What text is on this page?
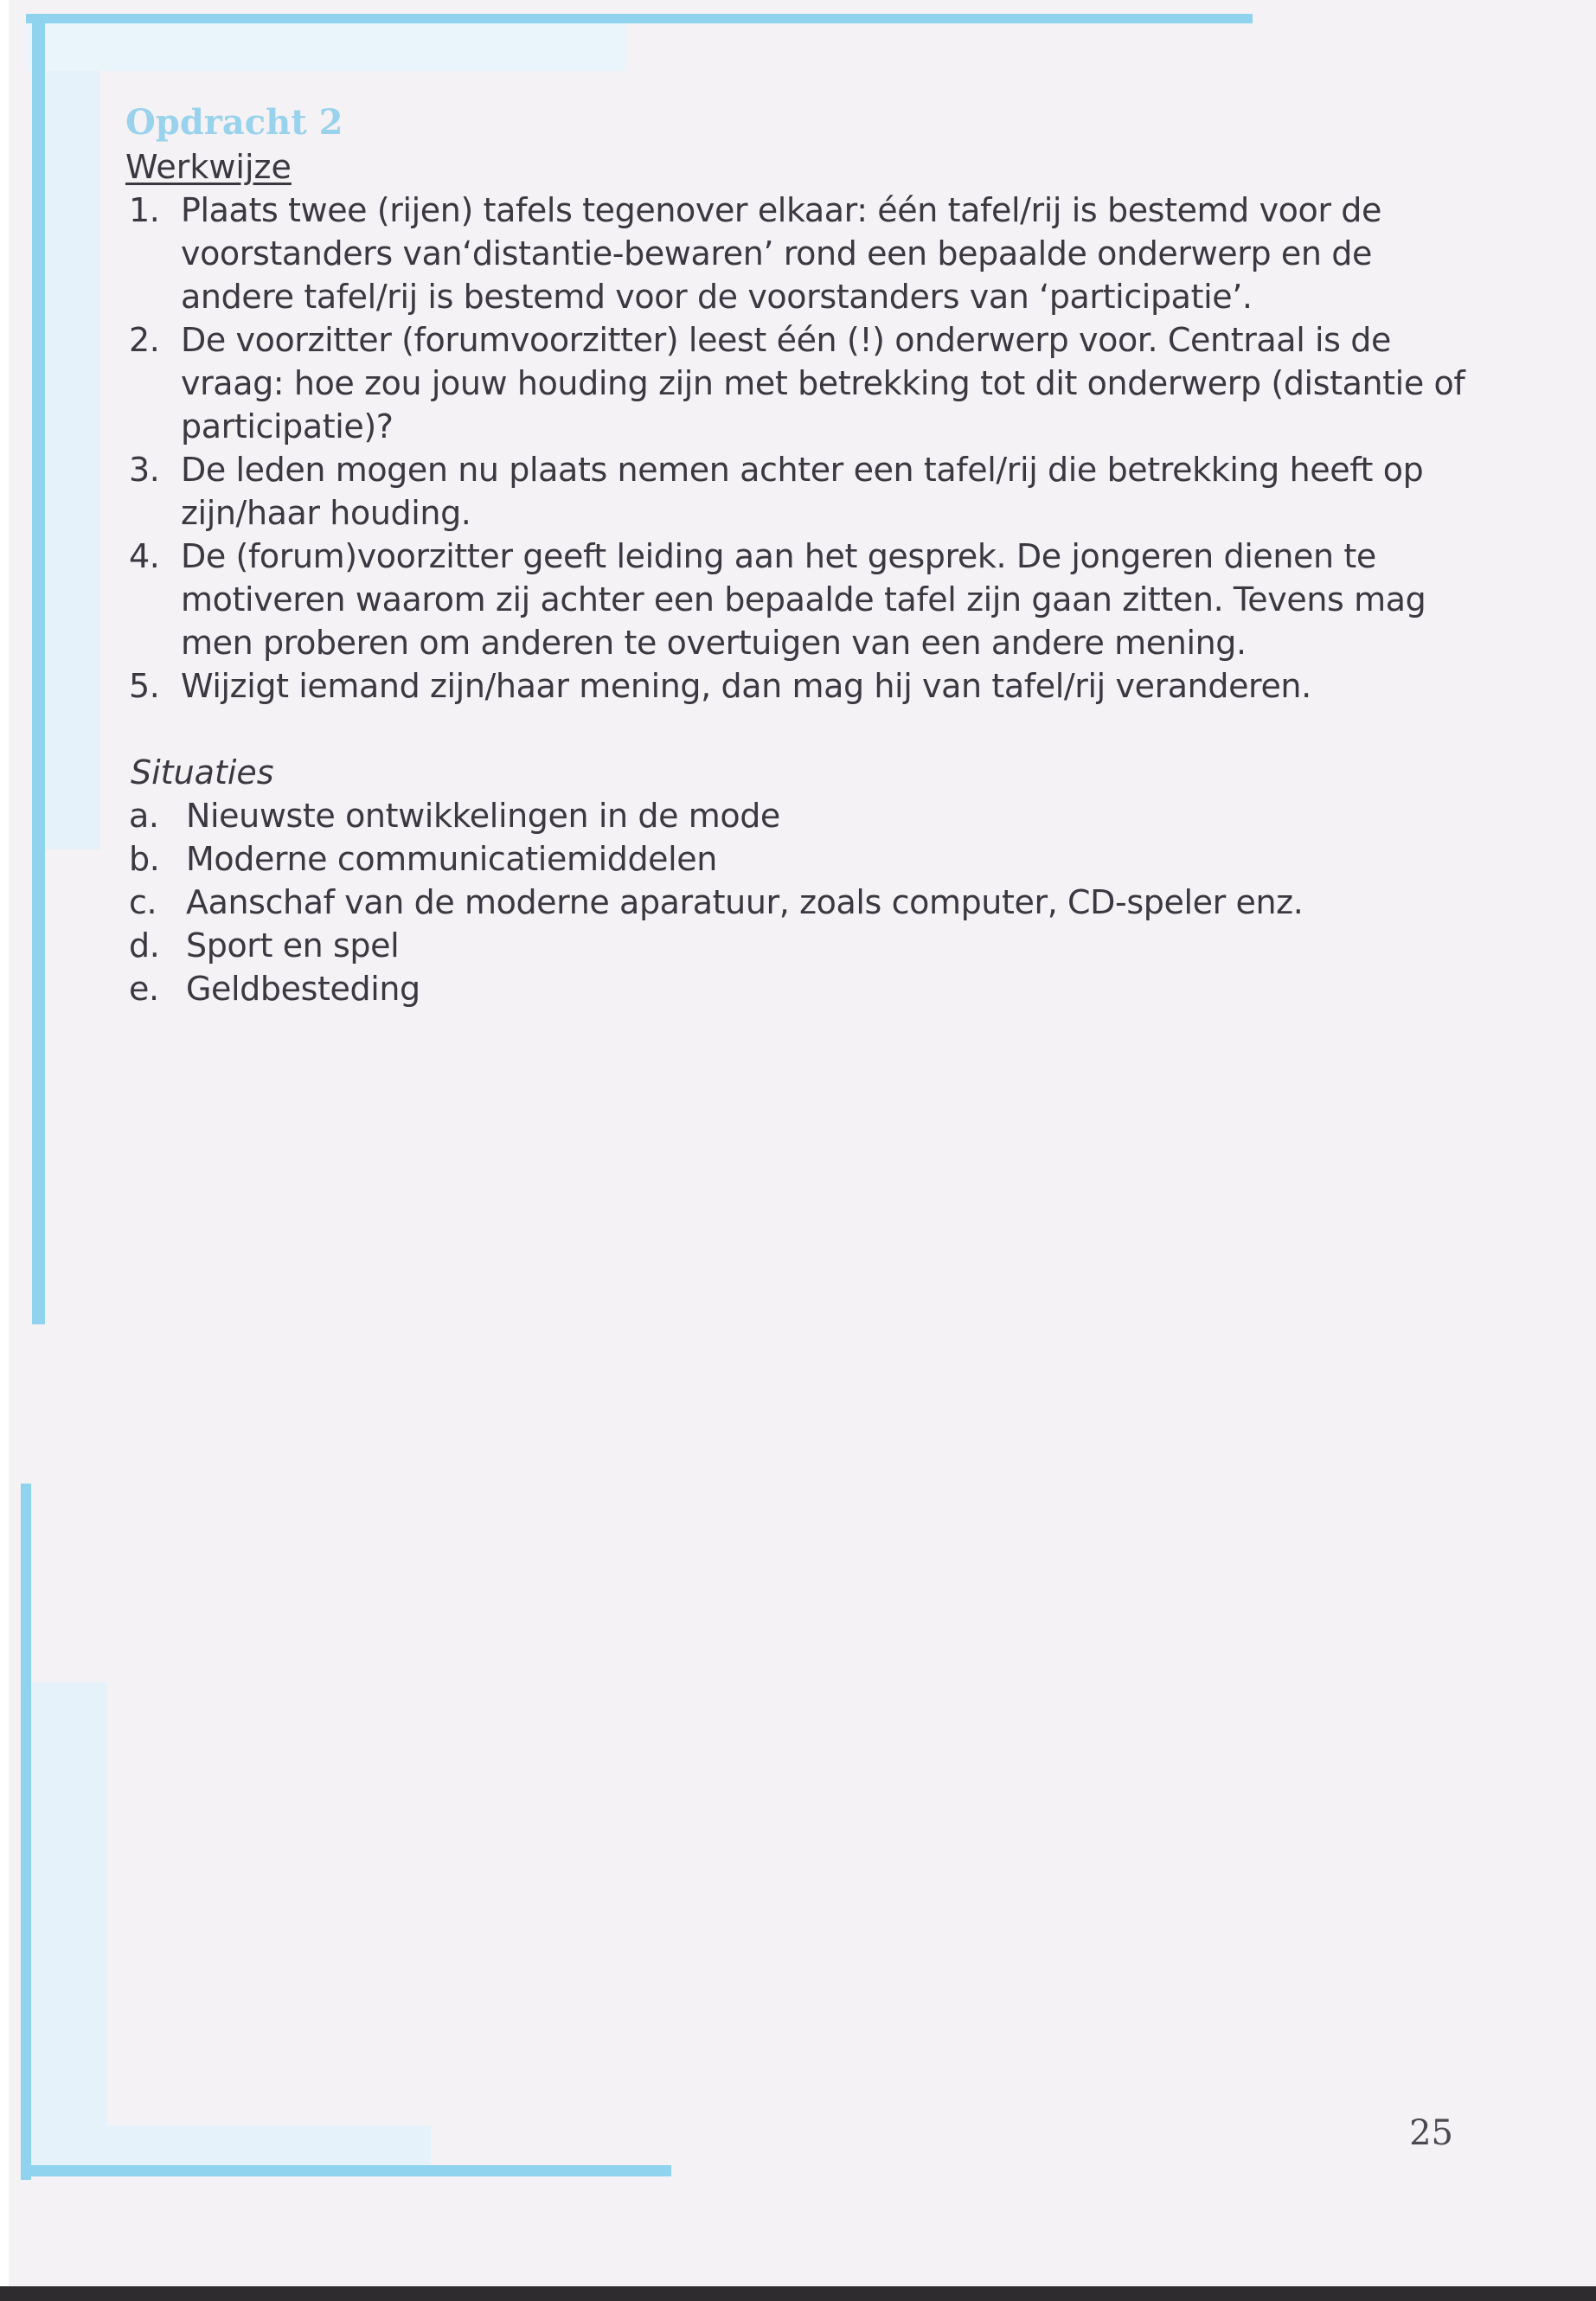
Opdracht 2
Werkwijze
1. Plaats twee (rijen) tafels tegenover elkaar: één tafel/rij is bestemd voor de voorstanders van‘distantie-bewaren’ rond een bepaalde onderwerp en de andere tafel/rij is bestemd voor de voorstanders van ‘participatie’.
2. De voorzitter (forumvoorzitter) leest één (!) onderwerp voor. Centraal is de vraag: hoe zou jouw houding zijn met betrekking tot dit onderwerp (distantie of participatie)?
3. De leden mogen nu plaats nemen achter een tafel/rij die betrekking heeft op zijn/haar houding.
4. De (forum)voorzitter geeft leiding aan het gesprek. De jongeren dienen te motiveren waarom zij achter een bepaalde tafel zijn gaan zitten. Tevens mag men proberen om anderen te overtuigen van een andere mening.
5. Wijzigt iemand zijn/haar mening, dan mag hij van tafel/rij veranderen.
Situaties
a. Nieuwste ontwikkelingen in de mode
b. Moderne communicatiemiddelen
c. Aanschaf van de moderne aparatuur, zoals computer, CD-speler enz.
d. Sport en spel
e. Geldbesteding
25
